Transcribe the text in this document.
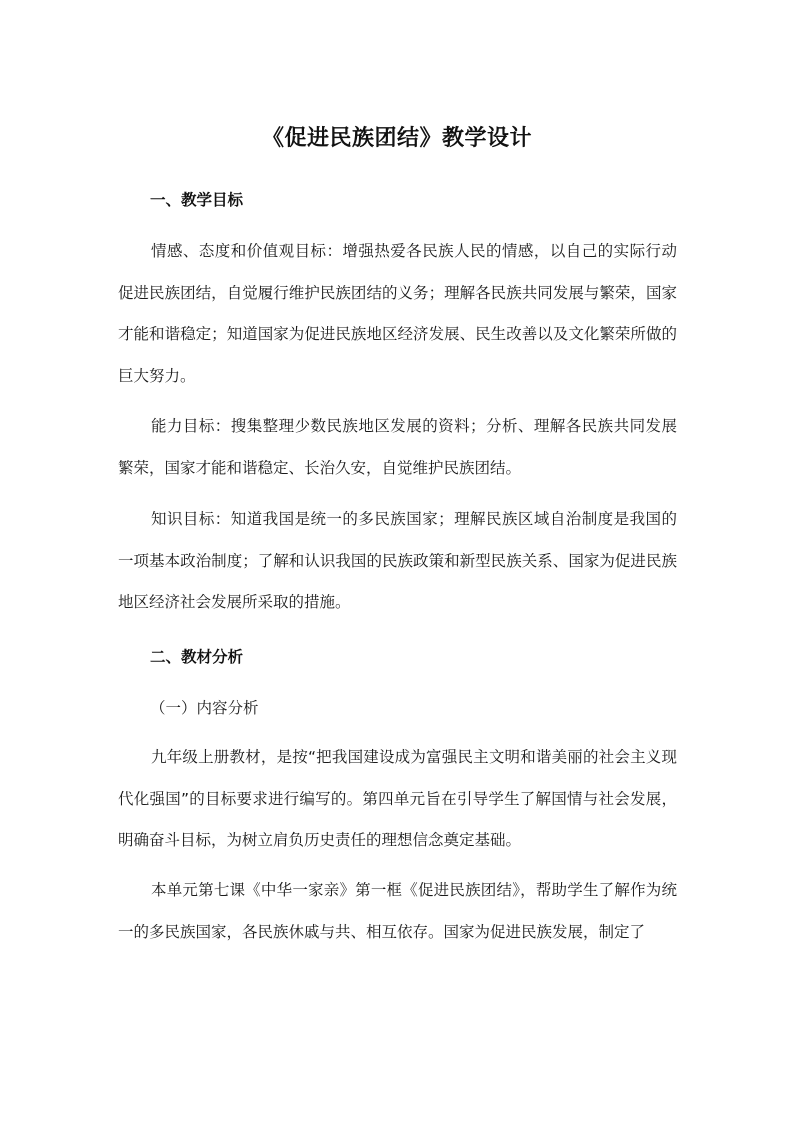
《促进民族团结》教学设计
一、教学目标
情感、态度和价值观目标：增强热爱各民族人民的情感，以自己的实际行动促进民族团结，自觉履行维护民族团结的义务；理解各民族共同发展与繁荣，国家才能和谐稳定；知道国家为促进民族地区经济发展、民生改善以及文化繁荣所做的巨大努力。
能力目标：搜集整理少数民族地区发展的资料；分析、理解各民族共同发展繁荣，国家才能和谐稳定、长治久安，自觉维护民族团结。
知识目标：知道我国是统一的多民族国家；理解民族区域自治制度是我国的一项基本政治制度；了解和认识我国的民族政策和新型民族关系、国家为促进民族地区经济社会发展所采取的措施。
二、教材分析
（一）内容分析
九年级上册教材，是按“把我国建设成为富强民主文明和谐美丽的社会主义现代化强国”的目标要求进行编写的。第四单元旨在引导学生了解国情与社会发展，明确奋斗目标，为树立肩负历史责任的理想信念奠定基础。
本单元第七课《中华一家亲》第一框《促进民族团结》，帮助学生了解作为统一的多民族国家，各民族休戚与共、相互依存。国家为促进民族发展，制定了
